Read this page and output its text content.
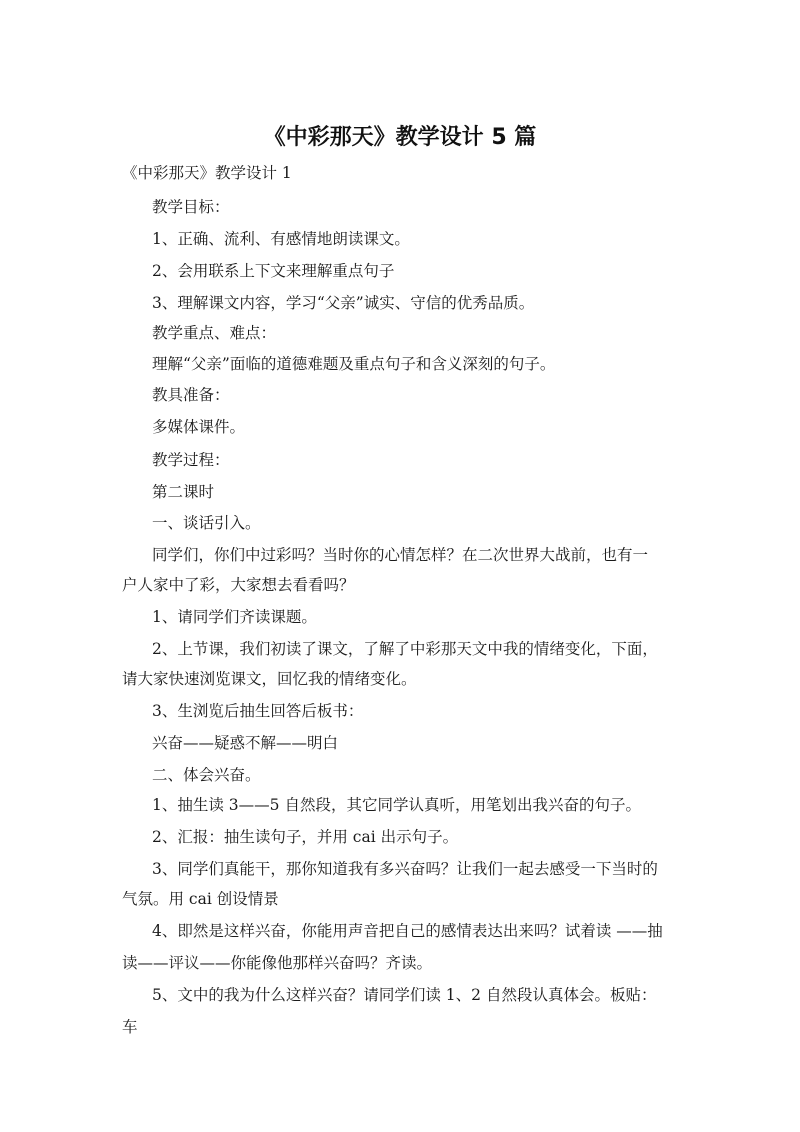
《中彩那天》教学设计 5 篇
《中彩那天》教学设计 1
教学目标：
1、正确、流利、有感情地朗读课文。
2、会用联系上下文来理解重点句子
3、理解课文内容，学习“父亲”诚实、守信的优秀品质。
教学重点、难点：
理解“父亲”面临的道德难题及重点句子和含义深刻的句子。
教具准备：
多媒体课件。
教学过程：
第二课时
一、谈话引入。
同学们，你们中过彩吗？当时你的心情怎样？在二次世界大战前，也有一
户人家中了彩，大家想去看看吗？
1、请同学们齐读课题。
2、上节课，我们初读了课文，了解了中彩那天文中我的情绪变化，下面，
请大家快速浏览课文，回忆我的情绪变化。
3、生浏览后抽生回答后板书：
兴奋——疑惑不解——明白
二、体会兴奋。
1、抽生读 3——5 自然段，其它同学认真听，用笔划出我兴奋的句子。
2、汇报：抽生读句子，并用 cai 出示句子。
3、同学们真能干，那你知道我有多兴奋吗？让我们一起去感受一下当时的
气氛。用 cai 创设情景
4、即然是这样兴奋，你能用声音把自己的感情表达出来吗？试着读 ——抽
读——评议——你能像他那样兴奋吗？齐读。
5、文中的我为什么这样兴奋？请同学们读 1、2 自然段认真体会。板贴：
车
